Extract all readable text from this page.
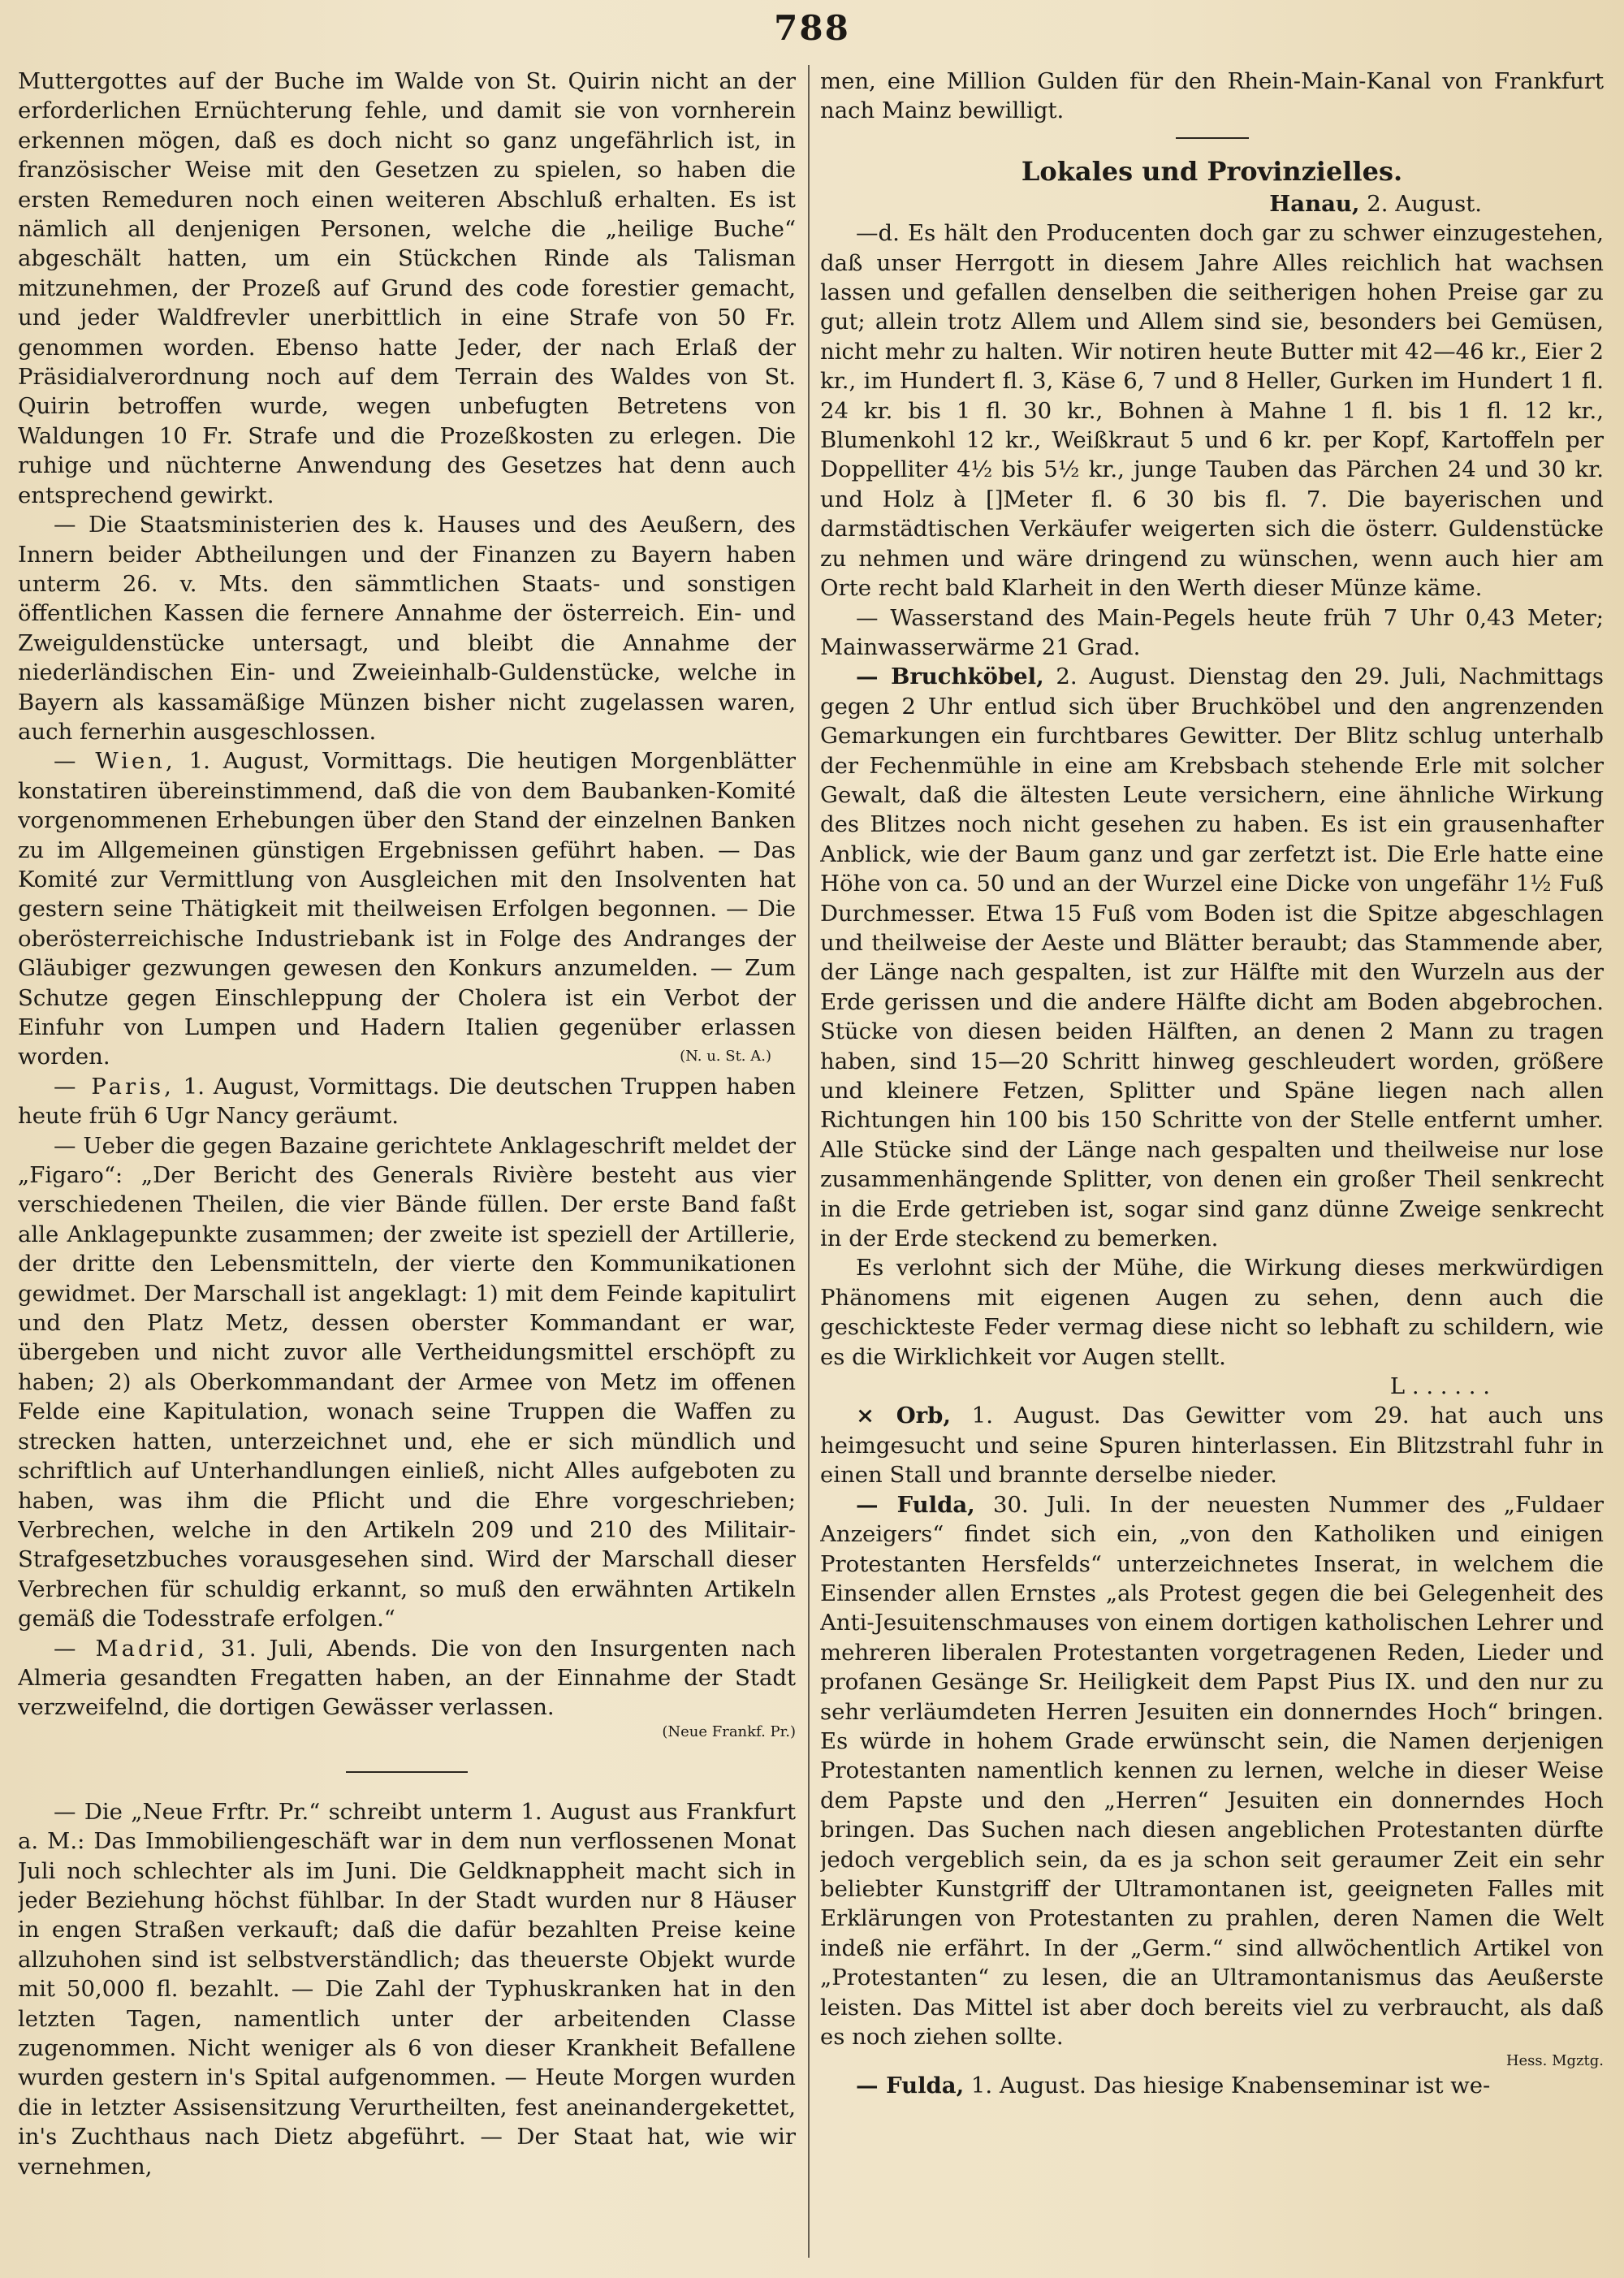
788

Muttergottes auf der Buche im Walde von St. Quirin nicht an der erforderlichen Ernüchterung fehle, und damit sie von vornherein erkennen mögen, daß es doch nicht so ganz ungefährlich ist, in französischer Weise mit den Gesetzen zu spielen, so haben die ersten Remeduren noch einen weiteren Abschluß erhalten. Es ist nämlich all denjenigen Personen, welche die „heilige Buche“ abgeschält hatten, um ein Stückchen Rinde als Talisman mitzunehmen, der Prozeß auf Grund des code forestier gemacht, und jeder Waldfrevler unerbittlich in eine Strafe von 50 Fr. genommen worden. Ebenso hatte Jeder, der nach Erlaß der Präsidialverordnung noch auf dem Terrain des Waldes von St. Quirin betroffen wurde, wegen unbefugten Betretens von Waldungen 10 Fr. Strafe und die Prozeßkosten zu erlegen. Die ruhige und nüchterne Anwendung des Gesetzes hat denn auch entsprechend gewirkt.

— Die Staatsministerien des k. Hauses und des Aeußern, des Innern beider Abtheilungen und der Finanzen zu Bayern haben unterm 26. v. Mts. den sämmtlichen Staats- und sonstigen öffentlichen Kassen die fernere Annahme der österreich. Ein- und Zweiguldenstücke untersagt, und bleibt die Annahme der niederländischen Ein- und Zweieinhalb-Guldenstücke, welche in Bayern als kassamäßige Münzen bisher nicht zugelassen waren, auch fernerhin ausgeschlossen.

— Wien, 1. August, Vormittags. Die heutigen Morgenblätter konstatiren übereinstimmend, daß die von dem Baubanken-Komité vorgenommenen Erhebungen über den Stand der einzelnen Banken zu im Allgemeinen günstigen Ergebnissen geführt haben. — Das Komité zur Vermittlung von Ausgleichen mit den Insolventen hat gestern seine Thätigkeit mit theilweisen Erfolgen begonnen. — Die oberösterreichische Industriebank ist in Folge des Andranges der Gläubiger gezwungen gewesen den Konkurs anzumelden. — Zum Schutze gegen Einschleppung der Cholera ist ein Verbot der Einfuhr von Lumpen und Hadern Italien gegenüber erlassen worden.	(N. u. St. A.)

— Paris, 1. August, Vormittags. Die deutschen Truppen haben heute früh 6 Ugr Nancy geräumt.

— Ueber die gegen Bazaine gerichtete Anklageschrift meldet der „Figaro“: „Der Bericht des Generals Rivière besteht aus vier verschiedenen Theilen, die vier Bände füllen. Der erste Band faßt alle Anklagepunkte zusammen; der zweite ist speziell der Artillerie, der dritte den Lebensmitteln, der vierte den Kommunikationen gewidmet. Der Marschall ist angeklagt: 1) mit dem Feinde kapitulirt und den Platz Metz, dessen oberster Kommandant er war, übergeben und nicht zuvor alle Vertheidungsmittel erschöpft zu haben; 2) als Oberkommandant der Armee von Metz im offenen Felde eine Kapitulation, wonach seine Truppen die Waffen zu strecken hatten, unterzeichnet und, ehe er sich mündlich und schriftlich auf Unterhandlungen einließ, nicht Alles aufgeboten zu haben, was ihm die Pflicht und die Ehre vorgeschrieben; Verbrechen, welche in den Artikeln 209 und 210 des Militair-Strafgesetzbuches vorausgesehen sind. Wird der Marschall dieser Verbrechen für schuldig erkannt, so muß den erwähnten Artikeln gemäß die Todesstrafe erfolgen.“

— Madrid, 31. Juli, Abends. Die von den Insurgenten nach Almeria gesandten Fregatten haben, an der Einnahme der Stadt verzweifelnd, die dortigen Gewässer verlassen.

(Neue Frankf. Pr.)

— Die „Neue Frftr. Pr.“ schreibt unterm 1. August aus Frankfurt a. M.: Das Immobiliengeschäft war in dem nun verflossenen Monat Juli noch schlechter als im Juni. Die Geldknappheit macht sich in jeder Beziehung höchst fühlbar. In der Stadt wurden nur 8 Häuser in engen Straßen verkauft; daß die dafür bezahlten Preise keine allzuhohen sind ist selbstverständlich; das theuerste Objekt wurde mit 50,000 fl. bezahlt. — Die Zahl der Typhuskranken hat in den letzten Tagen, namentlich unter der arbeitenden Classe zugenommen. Nicht weniger als 6 von dieser Krankheit Befallene wurden gestern in's Spital aufgenommen. — Heute Morgen wurden die in letzter Assisensitzung Verurtheilten, fest aneinandergekettet, in's Zuchthaus nach Dietz abgeführt. — Der Staat hat, wie wir vernehmen,

men, eine Million Gulden für den Rhein-Main-Kanal von Frankfurt nach Mainz bewilligt.

Lokales und Provinzielles.
Hanau, 2. August.

—d. Es hält den Producenten doch gar zu schwer einzugestehen, daß unser Herrgott in diesem Jahre Alles reichlich hat wachsen lassen und gefallen denselben die seitherigen hohen Preise gar zu gut; allein trotz Allem und Allem sind sie, besonders bei Gemüsen, nicht mehr zu halten. Wir notiren heute Butter mit 42—46 kr., Eier 2 kr., im Hundert fl. 3, Käse 6, 7 und 8 Heller, Gurken im Hundert 1 fl. 24 kr. bis 1 fl. 30 kr., Bohnen à Mahne 1 fl. bis 1 fl. 12 kr., Blumenkohl 12 kr., Weißkraut 5 und 6 kr. per Kopf, Kartoffeln per Doppelliter 4½ bis 5½ kr., junge Tauben das Pärchen 24 und 30 kr. und Holz à []Meter fl. 6 30 bis fl. 7. Die bayerischen und darmstädtischen Verkäufer weigerten sich die österr. Guldenstücke zu nehmen und wäre dringend zu wünschen, wenn auch hier am Orte recht bald Klarheit in den Werth dieser Münze käme.

— Wasserstand des Main-Pegels heute früh 7 Uhr 0,43 Meter; Mainwasserwärme 21 Grad.

— Bruchköbel, 2. August. Dienstag den 29. Juli, Nachmittags gegen 2 Uhr entlud sich über Bruchköbel und den angrenzenden Gemarkungen ein furchtbares Gewitter. Der Blitz schlug unterhalb der Fechenmühle in eine am Krebsbach stehende Erle mit solcher Gewalt, daß die ältesten Leute versichern, eine ähnliche Wirkung des Blitzes noch nicht gesehen zu haben. Es ist ein grausenhafter Anblick, wie der Baum ganz und gar zerfetzt ist. Die Erle hatte eine Höhe von ca. 50 und an der Wurzel eine Dicke von ungefähr 1½ Fuß Durchmesser. Etwa 15 Fuß vom Boden ist die Spitze abgeschlagen und theilweise der Aeste und Blätter beraubt; das Stammende aber, der Länge nach gespalten, ist zur Hälfte mit den Wurzeln aus der Erde gerissen und die andere Hälfte dicht am Boden abgebrochen. Stücke von diesen beiden Hälften, an denen 2 Mann zu tragen haben, sind 15—20 Schritt hinweg geschleudert worden, größere und kleinere Fetzen, Splitter und Späne liegen nach allen Richtungen hin 100 bis 150 Schritte von der Stelle entfernt umher. Alle Stücke sind der Länge nach gespalten und theilweise nur lose zusammenhängende Splitter, von denen ein großer Theil senkrecht in die Erde getrieben ist, sogar sind ganz dünne Zweige senkrecht in der Erde steckend zu bemerken.

Es verlohnt sich der Mühe, die Wirkung dieses merkwürdigen Phänomens mit eigenen Augen zu sehen, denn auch die geschickteste Feder vermag diese nicht so lebhaft zu schildern, wie es die Wirklichkeit vor Augen stellt.

L . . . . . .

× Orb, 1. August. Das Gewitter vom 29. hat auch uns heimgesucht und seine Spuren hinterlassen. Ein Blitzstrahl fuhr in einen Stall und brannte derselbe nieder.

— Fulda, 30. Juli. In der neuesten Nummer des „Fuldaer Anzeigers“ findet sich ein, „von den Katholiken und einigen Protestanten Hersfelds“ unterzeichnetes Inserat, in welchem die Einsender allen Ernstes „als Protest gegen die bei Gelegenheit des Anti-Jesuitenschmauses von einem dortigen katholischen Lehrer und mehreren liberalen Protestanten vorgetragenen Reden, Lieder und profanen Gesänge Sr. Heiligkeit dem Papst Pius IX. und den nur zu sehr verläumdeten Herren Jesuiten ein donnerndes Hoch“ bringen. Es würde in hohem Grade erwünscht sein, die Namen derjenigen Protestanten namentlich kennen zu lernen, welche in dieser Weise dem Papste und den „Herren“ Jesuiten ein donnerndes Hoch bringen. Das Suchen nach diesen angeblichen Protestanten dürfte jedoch vergeblich sein, da es ja schon seit geraumer Zeit ein sehr beliebter Kunstgriff der Ultramontanen ist, geeigneten Falles mit Erklärungen von Protestanten zu prahlen, deren Namen die Welt indeß nie erfährt. In der „Germ.“ sind allwöchentlich Artikel von „Protestanten“ zu lesen, die an Ultramontanismus das Aeußerste leisten. Das Mittel ist aber doch bereits viel zu verbraucht, als daß es noch ziehen sollte.

Hess. Mgztg.

— Fulda, 1. August. Das hiesige Knabenseminar ist we-
